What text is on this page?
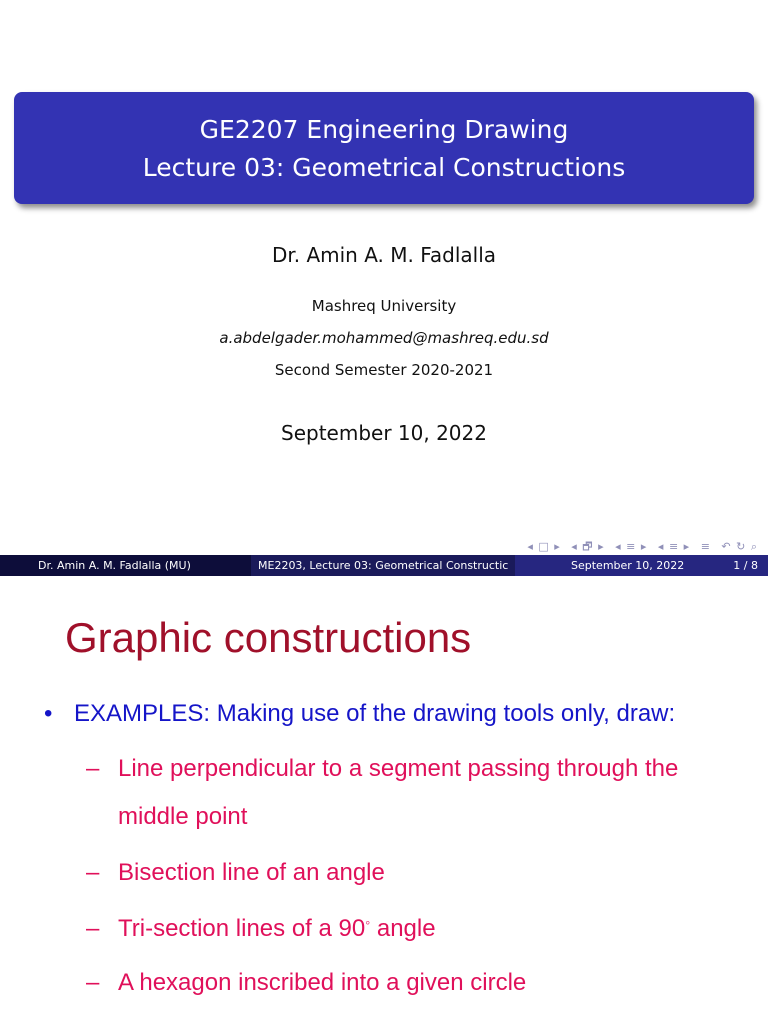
GE2207 Engineering Drawing
Lecture 03: Geometrical Constructions
Dr. Amin A. M. Fadlalla
Mashreq University
a.abdelgader.mohammed@mashreq.edu.sd
Second Semester 2020-2021
September 10, 2022
◂ □ ▸ ◂ 🗗 ▸ ◂ ≡ ▸ ◂ ≡ ▸ ≡ ↶ ↻ ⌕
Dr. Amin A. M. Fadlalla (MU)	ME2203, Lecture 03: Geometrical Constructic	September 10, 2022	1 / 8
Graphic constructions
• EXAMPLES: Making use of the drawing tools only, draw:
– Line perpendicular to a segment passing through the
middle point
– Bisection line of an angle
– Tri-section lines of a 90◦ angle
– A hexagon inscribed into a given circle
